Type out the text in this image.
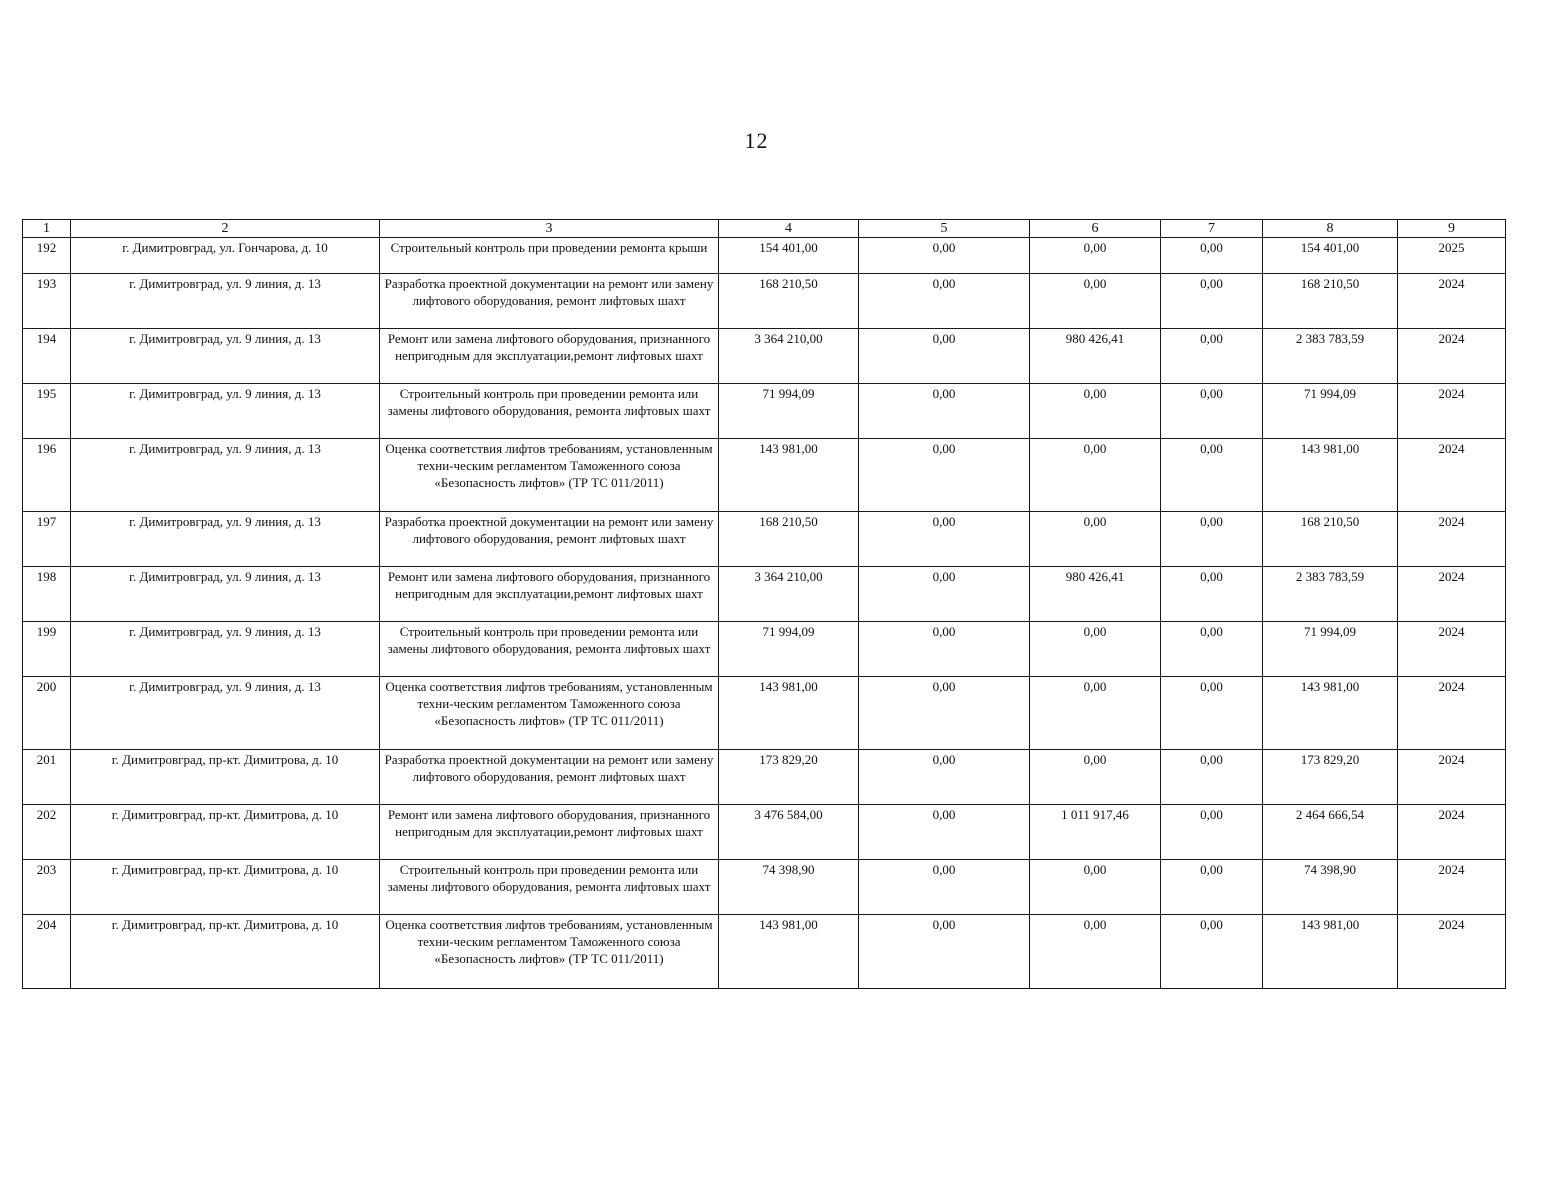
12
1	2	3	4	5	6	7	8	9
192	г. Димитровград, ул. Гончарова, д. 10	Строительный контроль при проведении ремонта крыши	154 401,00	0,00	0,00	0,00	154 401,00	2025
193	г. Димитровград, ул. 9 линия, д. 13	Разработка проектной документации на ремонт или замену лифтового оборудования, ремонт лифтовых шахт	168 210,50	0,00	0,00	0,00	168 210,50	2024
194	г. Димитровград, ул. 9 линия, д. 13	Ремонт или замена лифтового оборудования, признанного непригодным для эксплуатации,ремонт лифтовых шахт	3 364 210,00	0,00	980 426,41	0,00	2 383 783,59	2024
195	г. Димитровград, ул. 9 линия, д. 13	Строительный контроль при проведении ремонта или замены лифтового оборудования, ремонта лифтовых шахт	71 994,09	0,00	0,00	0,00	71 994,09	2024
196	г. Димитровград, ул. 9 линия, д. 13	Оценка соответствия лифтов требованиям, установленным техни-ческим регламентом Таможенного союза «Безопасность лифтов» (ТР ТС 011/2011)	143 981,00	0,00	0,00	0,00	143 981,00	2024
197	г. Димитровград, ул. 9 линия, д. 13	Разработка проектной документации на ремонт или замену лифтового оборудования, ремонт лифтовых шахт	168 210,50	0,00	0,00	0,00	168 210,50	2024
198	г. Димитровград, ул. 9 линия, д. 13	Ремонт или замена лифтового оборудования, признанного непригодным для эксплуатации,ремонт лифтовых шахт	3 364 210,00	0,00	980 426,41	0,00	2 383 783,59	2024
199	г. Димитровград, ул. 9 линия, д. 13	Строительный контроль при проведении ремонта или замены лифтового оборудования, ремонта лифтовых шахт	71 994,09	0,00	0,00	0,00	71 994,09	2024
200	г. Димитровград, ул. 9 линия, д. 13	Оценка соответствия лифтов требованиям, установленным техни-ческим регламентом Таможенного союза «Безопасность лифтов» (ТР ТС 011/2011)	143 981,00	0,00	0,00	0,00	143 981,00	2024
201	г. Димитровград, пр-кт. Димитрова, д. 10	Разработка проектной документации на ремонт или замену лифтового оборудования, ремонт лифтовых шахт	173 829,20	0,00	0,00	0,00	173 829,20	2024
202	г. Димитровград, пр-кт. Димитрова, д. 10	Ремонт или замена лифтового оборудования, признанного непригодным для эксплуатации,ремонт лифтовых шахт	3 476 584,00	0,00	1 011 917,46	0,00	2 464 666,54	2024
203	г. Димитровград, пр-кт. Димитрова, д. 10	Строительный контроль при проведении ремонта или замены лифтового оборудования, ремонта лифтовых шахт	74 398,90	0,00	0,00	0,00	74 398,90	2024
204	г. Димитровград, пр-кт. Димитрова, д. 10	Оценка соответствия лифтов требованиям, установленным техни-ческим регламентом Таможенного союза «Безопасность лифтов» (ТР ТС 011/2011)	143 981,00	0,00	0,00	0,00	143 981,00	2024
